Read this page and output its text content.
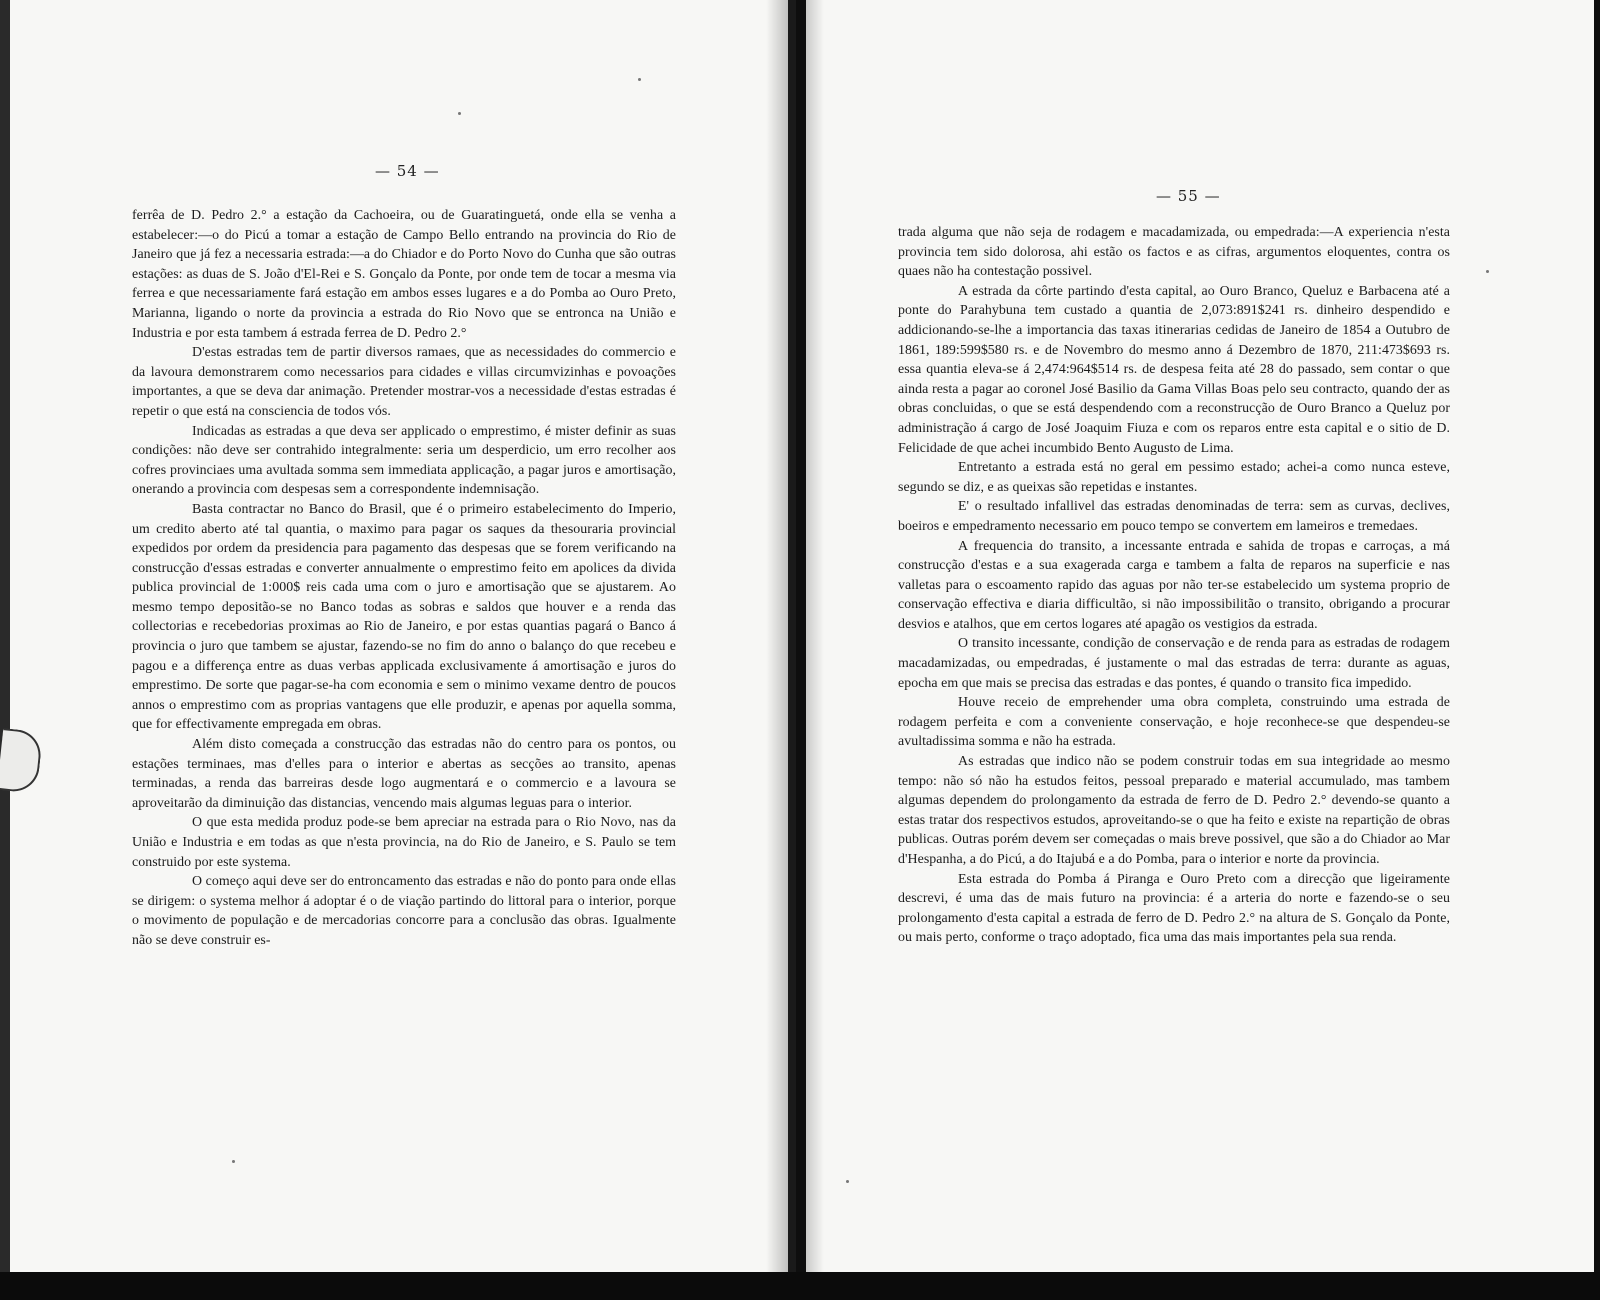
— 54 —

ferrêa de D. Pedro 2.° a estação da Cachoeira, ou de Guaratinguetá, onde ella se venha a estabelecer:—o do Picú a tomar a estação de Campo Bello entrando na provincia do Rio de Janeiro que já fez a necessaria estrada:—a do Chiador e do Porto Novo do Cunha que são outras estações: as duas de S. João d'El-Rei e S. Gonçalo da Ponte, por onde tem de tocar a mesma via ferrea e que necessariamente fará estação em ambos esses lugares e a do Pomba ao Ouro Preto, Marianna, ligando o norte da provincia a estrada do Rio Novo que se entronca na União e Industria e por esta tambem á estrada ferrea de D. Pedro 2.°

D'estas estradas tem de partir diversos ramaes, que as necessidades do commercio e da lavoura demonstrarem como necessarios para cidades e villas circumvizinhas e povoações importantes, a que se deva dar animação. Pretender mostrar-vos a necessidade d'estas estradas é repetir o que está na consciencia de todos vós.

Indicadas as estradas a que deva ser applicado o emprestimo, é mister definir as suas condições: não deve ser contrahido integralmente: seria um desperdicio, um erro recolher aos cofres provinciaes uma avultada somma sem immediata applicação, a pagar juros e amortisação, onerando a provincia com despesas sem a correspondente indemnisação.

Basta contractar no Banco do Brasil, que é o primeiro estabelecimento do Imperio, um credito aberto até tal quantia, o maximo para pagar os saques da thesouraria provincial expedidos por ordem da presidencia para pagamento das despesas que se forem verificando na construcção d'essas estradas e converter annualmente o emprestimo feito em apolices da divida publica provincial de 1:000$ reis cada uma com o juro e amortisação que se ajustarem. Ao mesmo tempo depositão-se no Banco todas as sobras e saldos que houver e a renda das collectorias e recebedorias proximas ao Rio de Janeiro, e por estas quantias pagará o Banco á provincia o juro que tambem se ajustar, fazendo-se no fim do anno o balanço do que recebeu e pagou e a differença entre as duas verbas applicada exclusivamente á amortisação e juros do emprestimo. De sorte que pagar-se-ha com economia e sem o minimo vexame dentro de poucos annos o emprestimo com as proprias vantagens que elle produzir, e apenas por aquella somma, que for effectivamente empregada em obras.

Além disto começada a construcção das estradas não do centro para os pontos, ou estações terminaes, mas d'elles para o interior e abertas as secções ao transito, apenas terminadas, a renda das barreiras desde logo augmentará e o commercio e a lavoura se aproveitarão da diminuição das distancias, vencendo mais algumas leguas para o interior.

O que esta medida produz pode-se bem apreciar na estrada para o Rio Novo, nas da União e Industria e em todas as que n'esta provincia, na do Rio de Janeiro, e S. Paulo se tem construido por este systema.

O começo aqui deve ser do entroncamento das estradas e não do ponto para onde ellas se dirigem: o systema melhor á adoptar é o de viação partindo do littoral para o interior, porque o movimento de população e de mercadorias concorre para a conclusão das obras. Igualmente não se deve construir es-

— 55 —

trada alguma que não seja de rodagem e macadamizada, ou empedrada:—A experiencia n'esta provincia tem sido dolorosa, ahi estão os factos e as cifras, argumentos eloquentes, contra os quaes não ha contestação possivel.

A estrada da côrte partindo d'esta capital, ao Ouro Branco, Queluz e Barbacena até a ponte do Parahybuna tem custado a quantia de 2,073:891$241 rs. dinheiro despendido e addicionando-se-lhe a importancia das taxas itinerarias cedidas de Janeiro de 1854 a Outubro de 1861, 189:599$580 rs. e de Novembro do mesmo anno á Dezembro de 1870, 211:473$693 rs. essa quantia eleva-se á 2,474:964$514 rs. de despesa feita até 28 do passado, sem contar o que ainda resta a pagar ao coronel José Basilio da Gama Villas Boas pelo seu contracto, quando der as obras concluidas, o que se está despendendo com a reconstrucção de Ouro Branco a Queluz por administração á cargo de José Joaquim Fiuza e com os reparos entre esta capital e o sitio de D. Felicidade de que achei incumbido Bento Augusto de Lima.

Entretanto a estrada está no geral em pessimo estado; achei-a como nunca esteve, segundo se diz, e as queixas são repetidas e instantes.

E' o resultado infallivel das estradas denominadas de terra: sem as curvas, declives, boeiros e empedramento necessario em pouco tempo se convertem em lameiros e tremedaes.

A frequencia do transito, a incessante entrada e sahida de tropas e carroças, a má construcção d'estas e a sua exagerada carga e tambem a falta de reparos na superficie e nas valletas para o escoamento rapido das aguas por não ter-se estabelecido um systema proprio de conservação effectiva e diaria difficultão, si não impossibilitão o transito, obrigando a procurar desvios e atalhos, que em certos logares até apagão os vestigios da estrada.

O transito incessante, condição de conservação e de renda para as estradas de rodagem macadamizadas, ou empedradas, é justamente o mal das estradas de terra: durante as aguas, epocha em que mais se precisa das estradas e das pontes, é quando o transito fica impedido.

Houve receio de emprehender uma obra completa, construindo uma estrada de rodagem perfeita e com a conveniente conservação, e hoje reconhece-se que despendeu-se avultadissima somma e não ha estrada.

As estradas que indico não se podem construir todas em sua integridade ao mesmo tempo: não só não ha estudos feitos, pessoal preparado e material accumulado, mas tambem algumas dependem do prolongamento da estrada de ferro de D. Pedro 2.° devendo-se quanto a estas tratar dos respectivos estudos, aproveitando-se o que ha feito e existe na repartição de obras publicas. Outras porém devem ser começadas o mais breve possivel, que são a do Chiador ao Mar d'Hespanha, a do Picú, a do Itajubá e a do Pomba, para o interior e norte da provincia.

Esta estrada do Pomba á Piranga e Ouro Preto com a direcção que ligeiramente descrevi, é uma das de mais futuro na provincia: é a arteria do norte e fazendo-se o seu prolongamento d'esta capital a estrada de ferro de D. Pedro 2.° na altura de S. Gonçalo da Ponte, ou mais perto, conforme o traço adoptado, fica uma das mais importantes pela sua renda.
